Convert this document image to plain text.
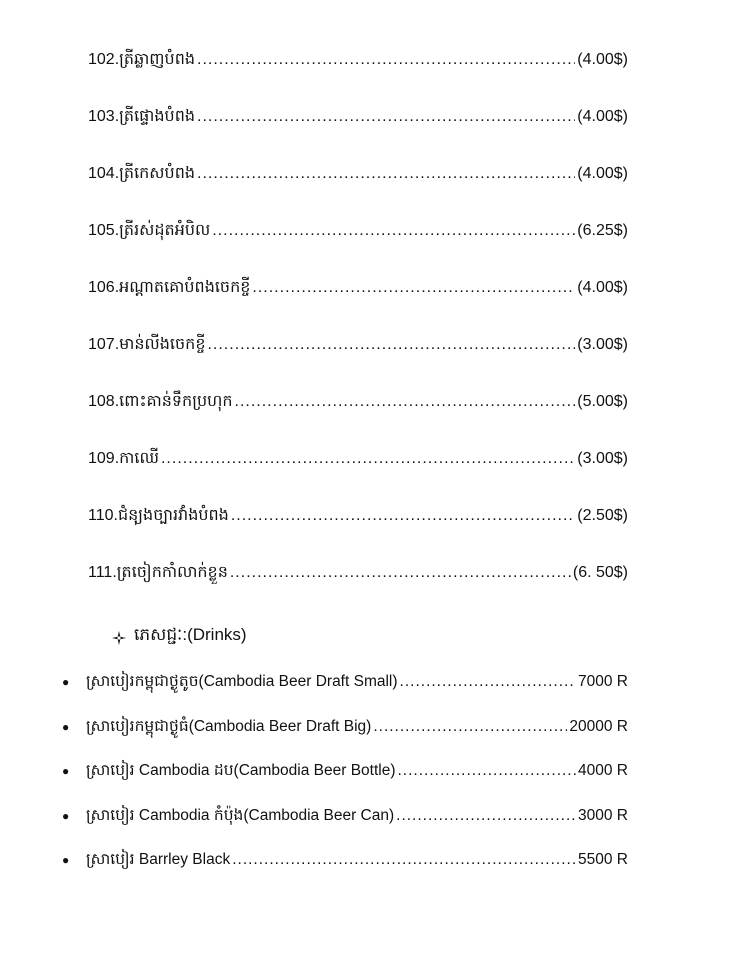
102.ត្រីឆ្លាញបំពង .....	(4.00$)
103.ត្រីផ្ទោងបំពង .....	(4.00$)
104.ត្រីកេសបំពង .....	(4.00$)
105.ត្រីរស់ដុតអំបិល .....	(6.25$)
106.អណ្ដាតគោបំពងចេកខ្ចី .....	(4.00$)
107.មាន់លីងចេកខ្ចី .....	(3.00$)
108.ពោះគាន់ទឹកប្រហុក .....	(5.00$)
109.កាឈើ .....	(3.00$)
110.ជំនុ្យងច្បារវាំងបំពង .....	(2.50$)
111.ត្រចៀកកាំលាក់ខ្លួន .....	(6. 50$)
ភេសជ្ជៈ:(Drinks)
●	ស្រាបៀរកម្ពុជាថ្ងូតូច(Cambodia Beer Draft Small) .....	7000 R
●	ស្រាបៀរកម្ពុជាថ្ងូធំ(Cambodia Beer Draft Big) .....	20000 R
●	ស្រាបៀរ Cambodia ដប(Cambodia Beer Bottle) .....	4000 R
●	ស្រាបៀរ Cambodia កំប៉ុង(Cambodia Beer Can) .....	3000 R
●	ស្រាបៀរ Barrley Black .....	5500 R
